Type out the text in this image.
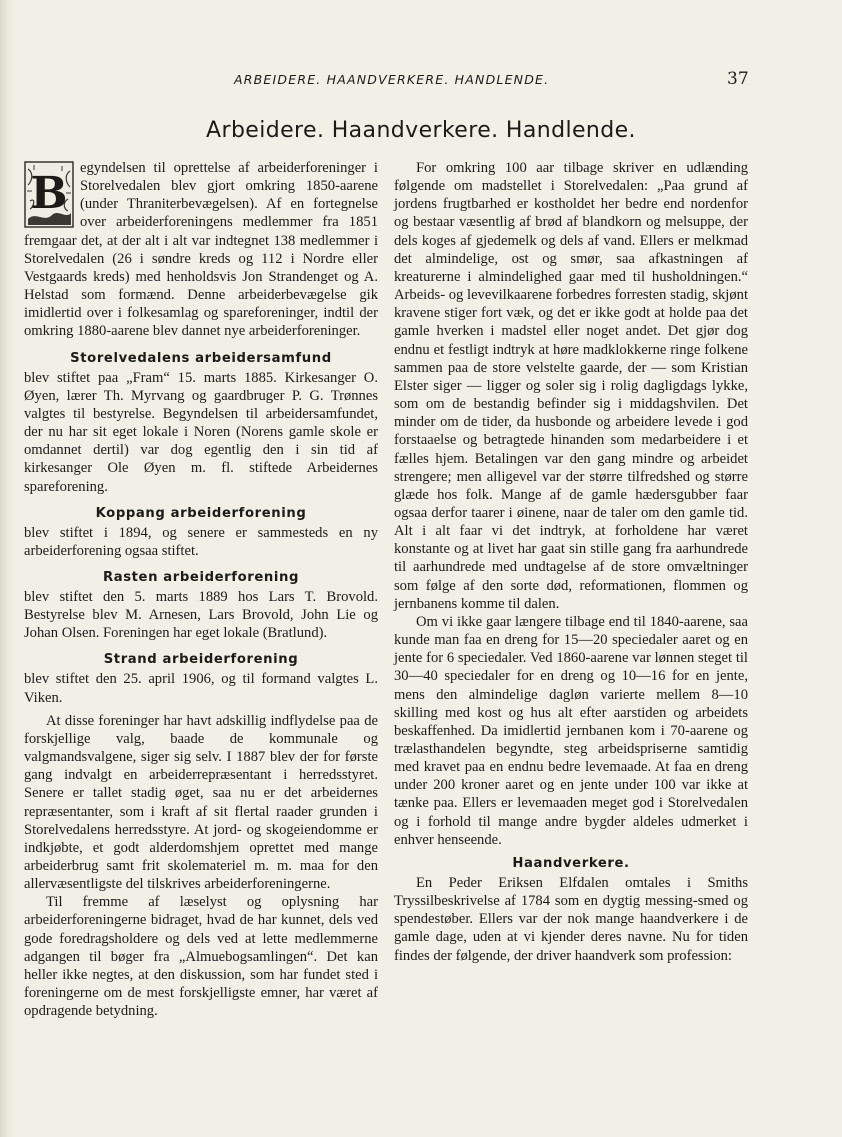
ARBEIDERE. HAANDVERKERE. HANDLENDE.	37
Arbeidere. Haandverkere. Handlende.

B egyndelsen til oprettelse af arbeiderforeninger i Storelvedalen blev gjort omkring 1850-aarene (under Thraniterbevægelsen). Af en fortegnelse over arbeiderforeningens medlemmer fra 1851 fremgaar det, at der alt i alt var indtegnet 138 medlemmer i Storelvedalen (26 i søndre kreds og 112 i Nordre eller Vestgaards kreds) med henholdsvis Jon Strandenget og A. Helstad som formænd. Denne arbeiderbevægelse gik imidlertid over i folkesamlag og spareforeninger, indtil der omkring 1880-aarene blev dannet nye arbeiderforeninger.

Storelvedalens arbeidersamfund

blev stiftet paa „Fram“ 15. marts 1885. Kirkesanger O. Øyen, lærer Th. Myrvang og gaardbruger P. G. Trønnes valgtes til bestyrelse. Begyndelsen til arbeidersamfundet, der nu har sit eget lokale i Noren (Norens gamle skole er omdannet dertil) var dog egentlig den i sin tid af kirkesanger Ole Øyen m. fl. stiftede Arbeidernes spareforening.

Koppang arbeiderforening

blev stiftet i 1894, og senere er sammesteds en ny arbeiderforening ogsaa stiftet.

Rasten arbeiderforening

blev stiftet den 5. marts 1889 hos Lars T. Brovold. Bestyrelse blev M. Arnesen, Lars Brovold, John Lie og Johan Olsen. Foreningen har eget lokale (Bratlund).

Strand arbeiderforening

blev stiftet den 25. april 1906, og til formand valgtes L. Viken.

At disse foreninger har havt adskillig indflydelse paa de forskjellige valg, baade de kommunale og valgmandsvalgene, siger sig selv. I 1887 blev der for første gang indvalgt en arbeiderrepræsentant i herredsstyret. Senere er tallet stadig øget, saa nu er det arbeidernes repræsentanter, som i kraft af sit flertal raader grunden i Storelvedalens herredsstyre. At jord- og skogeiendomme er indkjøbte, et godt alderdomshjem oprettet med mange arbeiderbrug samt frit skolemateriel m. m. maa for den allervæsentligste del tilskrives arbeiderforeningerne.

Til fremme af læselyst og oplysning har arbeiderforeningerne bidraget, hvad de har kunnet, dels ved gode foredragsholdere og dels ved at lette medlemmerne adgangen til bøger fra „Almuebogsamlingen“. Det kan heller ikke negtes, at den diskussion, som har fundet sted i foreningerne om de mest forskjelligste emner, har været af opdragende betydning.

For omkring 100 aar tilbage skriver en udlænding følgende om madstellet i Storelvedalen: „Paa grund af jordens frugtbarhed er kostholdet her bedre end nordenfor og bestaar væsentlig af brød af blandkorn og melsuppe, der dels koges af gjedemelk og dels af vand. Ellers er melkmad det almindelige, ost og smør, saa afkastningen af kreaturerne i almindelighed gaar med til husholdningen.“ Arbeids- og levevilkaarene forbedres forresten stadig, skjønt kravene stiger fort væk, og det er ikke godt at holde paa det gamle hverken i madstel eller noget andet. Det gjør dog endnu et festligt indtryk at høre madklokkerne ringe folkene sammen paa de store velstelte gaarde, der — som Kristian Elster siger — ligger og soler sig i rolig dagligdags lykke, som om de bestandig befinder sig i middagshvilen. Det minder om de tider, da husbonde og arbeidere levede i god forstaaelse og betragtede hinanden som medarbeidere i et fælles hjem. Betalingen var den gang mindre og arbeidet strengere; men alligevel var der større tilfredshed og større glæde hos folk. Mange af de gamle hædersgubber faar ogsaa derfor taarer i øinene, naar de taler om den gamle tid. Alt i alt faar vi det indtryk, at forholdene har været konstante og at livet har gaat sin stille gang fra aarhundrede til aarhundrede med undtagelse af de store omvæltninger som følge af den sorte død, reformationen, flommen og jernbanens komme til dalen.

Om vi ikke gaar længere tilbage end til 1840-aarene, saa kunde man faa en dreng for 15—20 speciedaler aaret og en jente for 6 speciedaler. Ved 1860-aarene var lønnen steget til 30—40 speciedaler for en dreng og 10—16 for en jente, mens den almindelige dagløn varierte mellem 8—10 skilling med kost og hus alt efter aarstiden og arbeidets beskaffenhed. Da imidlertid jernbanen kom i 70-aarene og trælasthandelen begyndte, steg arbeidspriserne samtidig med kravet paa en endnu bedre levemaade. At faa en dreng under 200 kroner aaret og en jente under 100 var ikke at tænke paa. Ellers er levemaaden meget god i Storelvedalen og i forhold til mange andre bygder aldeles udmerket i enhver henseende.

Haandverkere.

En Peder Eriksen Elfdalen omtales i Smiths Tryssilbeskrivelse af 1784 som en dygtig messing-smed og spendestøber. Ellers var der nok mange haandverkere i de gamle dage, uden at vi kjender deres navne. Nu for tiden findes der følgende, der driver haandverk som profession:
